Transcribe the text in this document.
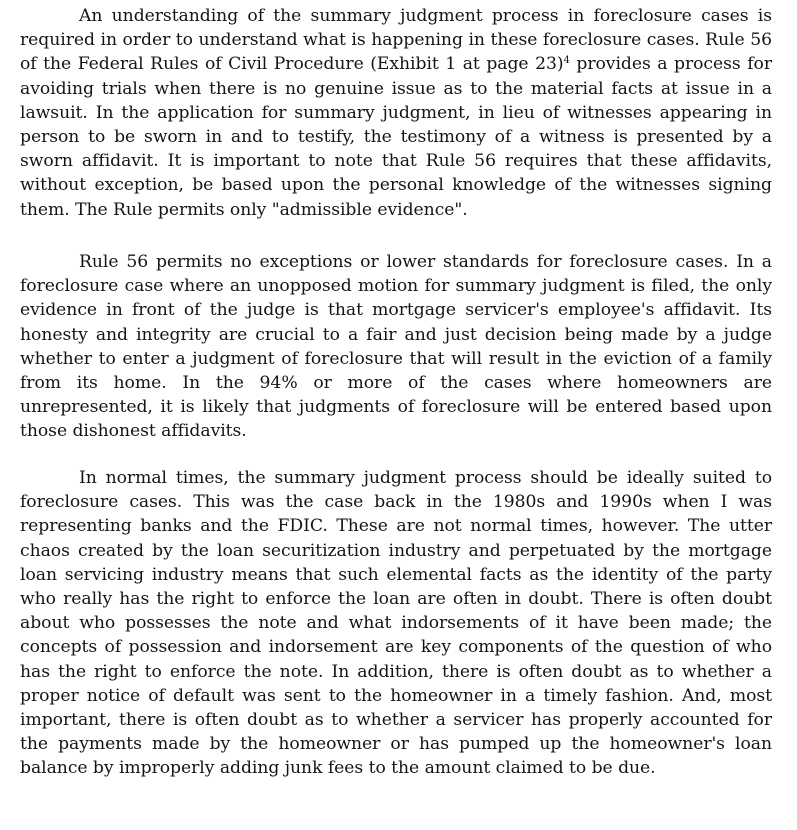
An understanding of the summary judgment process in foreclosure cases is required in order to understand what is happening in these foreclosure cases. Rule 56 of the Federal Rules of Civil Procedure (Exhibit 1 at page 23)$^4$ provides a process for avoiding trials when there is no genuine issue as to the material facts at issue in a lawsuit. In the application for summary judgment, in lieu of witnesses appearing in person to be sworn in and to testify, the testimony of a witness is presented by a sworn affidavit. It is important to note that Rule 56 requires that these affidavits, without exception, be based upon the personal knowledge of the witnesses signing them. The Rule permits only "admissible evidence".

Rule 56 permits no exceptions or lower standards for foreclosure cases. In a foreclosure case where an unopposed motion for summary judgment is filed, the only evidence in front of the judge is that mortgage servicer's employee's affidavit. Its honesty and integrity are crucial to a fair and just decision being made by a judge whether to enter a judgment of foreclosure that will result in the eviction of a family from its home. In the 94% or more of the cases where homeowners are unrepresented, it is likely that judgments of foreclosure will be entered based upon those dishonest affidavits.

In normal times, the summary judgment process should be ideally suited to foreclosure cases. This was the case back in the 1980s and 1990s when I was representing banks and the FDIC. These are not normal times, however. The utter chaos created by the loan securitization industry and perpetuated by the mortgage loan servicing industry means that such elemental facts as the identity of the party who really has the right to enforce the loan are often in doubt. There is often doubt about who possesses the note and what indorsements of it have been made; the concepts of possession and indorsement are key components of the question of who has the right to enforce the note. In addition, there is often doubt as to whether a proper notice of default was sent to the homeowner in a timely fashion. And, most important, there is often doubt as to whether a servicer has properly accounted for the payments made by the homeowner or has pumped up the homeowner's loan balance by improperly adding junk fees to the amount claimed to be due.
